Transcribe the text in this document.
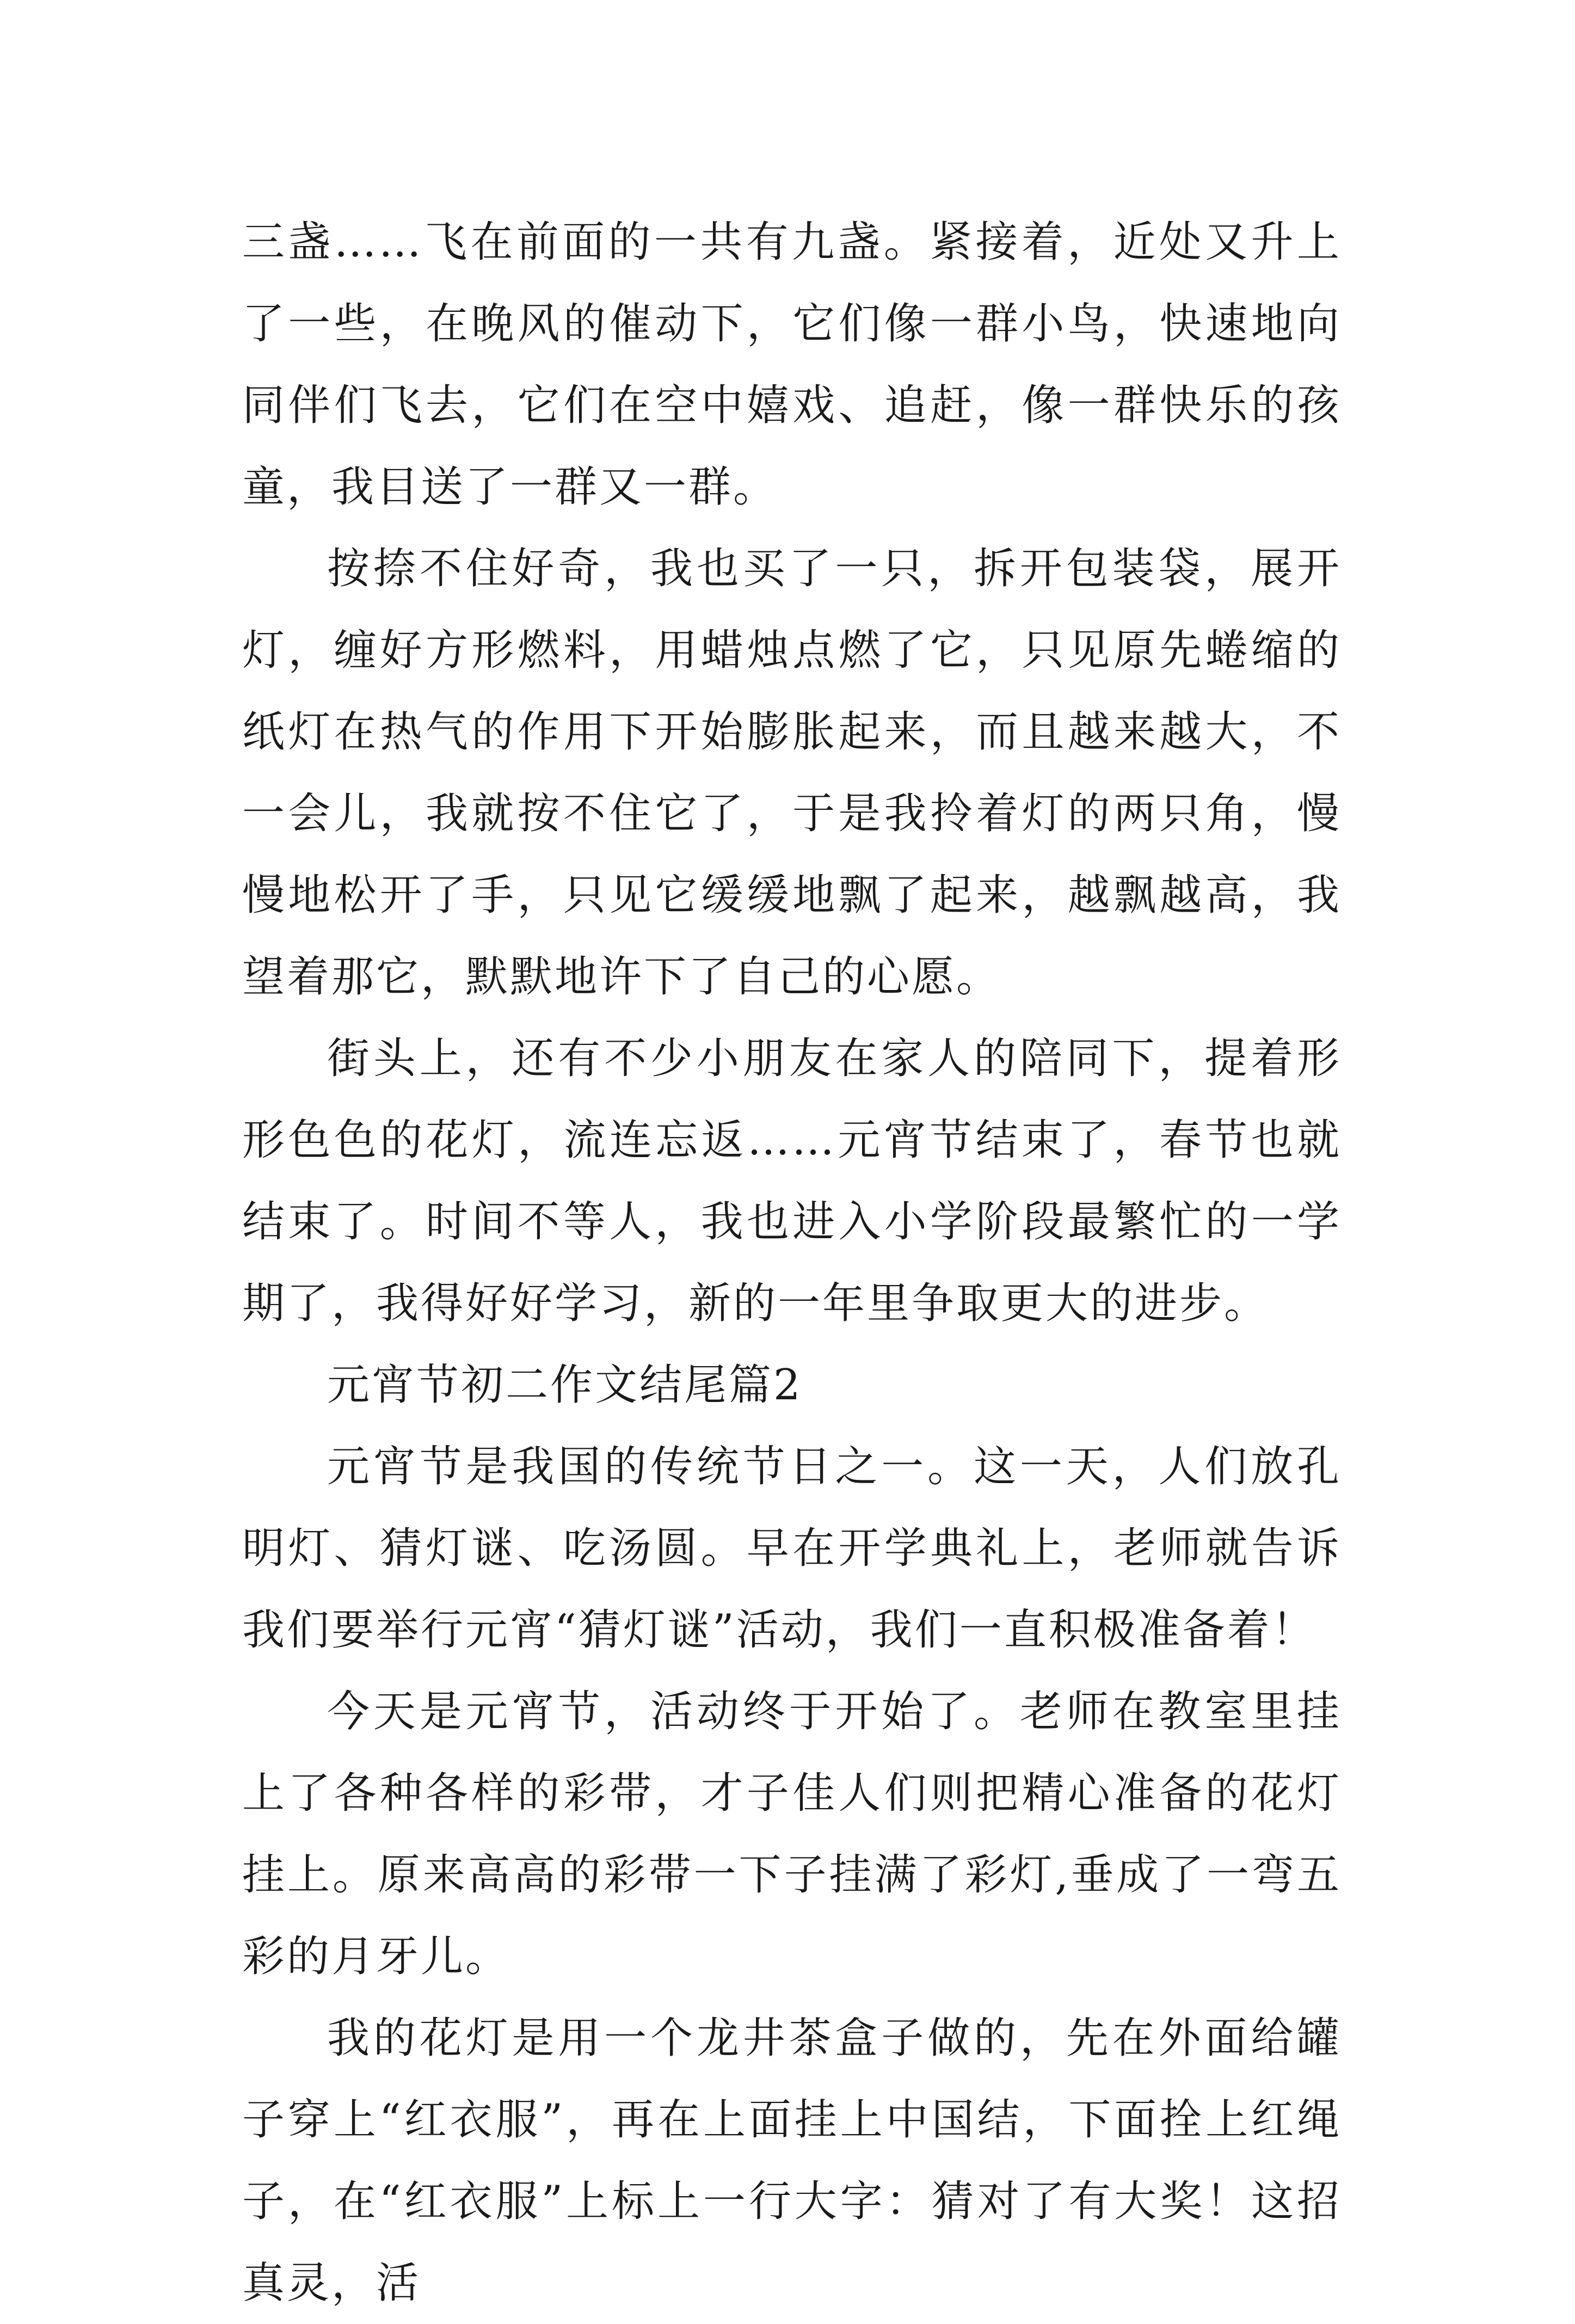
三盏……飞在前面的一共有九盏。紧接着，近处又升上了一些，在晚风的催动下，它们像一群小鸟，快速地向同伴们飞去，它们在空中嬉戏、追赶，像一群快乐的孩童，我目送了一群又一群。

按捺不住好奇，我也买了一只，拆开包装袋，展开灯，缠好方形燃料，用蜡烛点燃了它，只见原先蜷缩的纸灯在热气的作用下开始膨胀起来，而且越来越大，不一会儿，我就按不住它了，于是我拎着灯的两只角，慢慢地松开了手，只见它缓缓地飘了起来，越飘越高，我望着那它，默默地许下了自己的心愿。

街头上，还有不少小朋友在家人的陪同下，提着形形色色的花灯，流连忘返……元宵节结束了，春节也就结束了。时间不等人，我也进入小学阶段最繁忙的一学期了，我得好好学习，新的一年里争取更大的进步。

元宵节初二作文结尾篇2

元宵节是我国的传统节日之一。这一天，人们放孔明灯、猜灯谜、吃汤圆。早在开学典礼上，老师就告诉我们要举行元宵“猜灯谜”活动，我们一直积极准备着！

今天是元宵节，活动终于开始了。老师在教室里挂上了各种各样的彩带，才子佳人们则把精心准备的花灯挂上。原来高高的彩带一下子挂满了彩灯,垂成了一弯五彩的月牙儿。

我的花灯是用一个龙井茶盒子做的，先在外面给罐子穿上“红衣服”，再在上面挂上中国结，下面拴上红绳子，在“红衣服”上标上一行大字：猜对了有大奖！这招真灵，活
